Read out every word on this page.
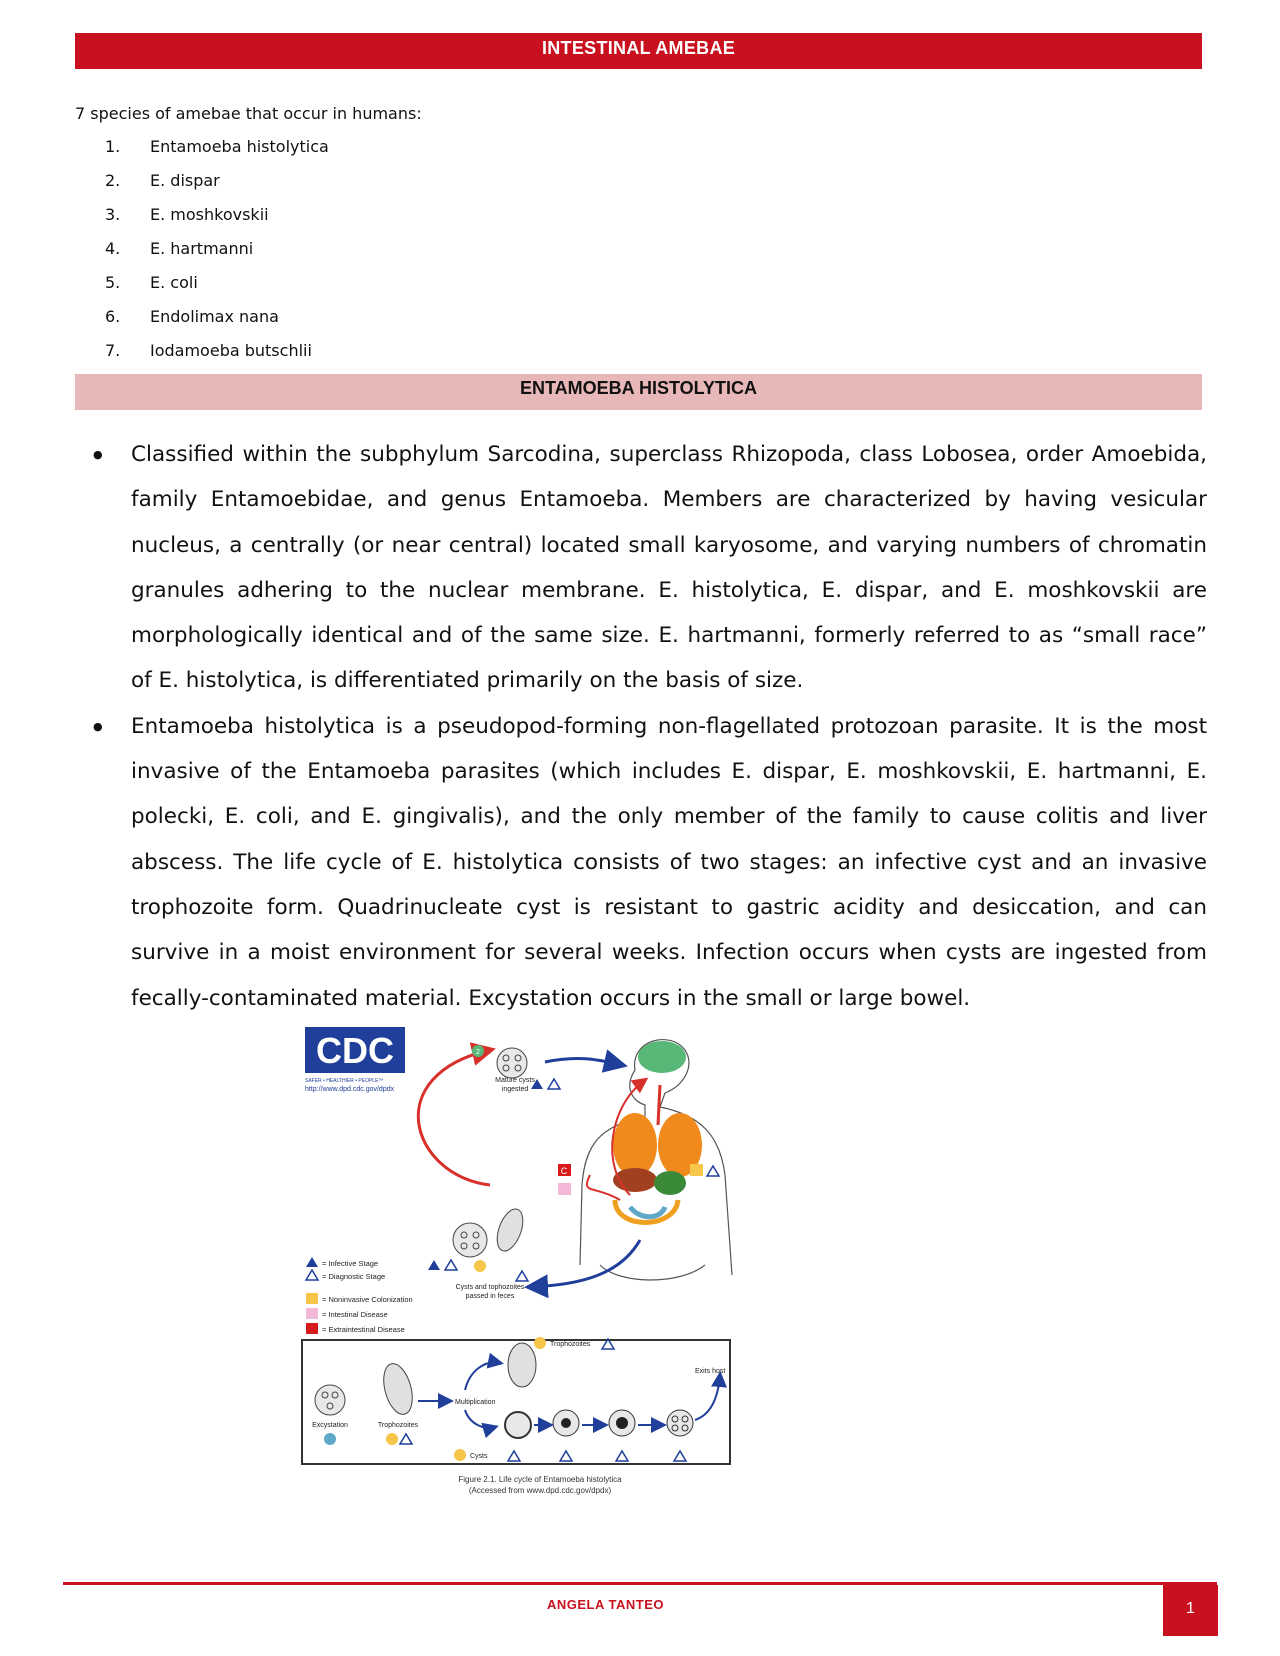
INTESTINAL AMEBAE
7 species of amebae that occur in humans:
1. Entamoeba histolytica
2. E. dispar
3. E. moshkovskii
4. E. hartmanni
5. E. coli
6. Endolimax nana
7. Iodamoeba butschlii
ENTAMOEBA HISTOLYTICA
● Classified within the subphylum Sarcodina, superclass Rhizopoda, class Lobosea, order Amoebida, family Entamoebidae, and genus Entamoeba. Members are characterized by having vesicular nucleus, a centrally (or near central) located small karyosome, and varying numbers of chromatin granules adhering to the nuclear membrane. E. histolytica, E. dispar, and E. moshkovskii are morphologically identical and of the same size. E. hartmanni, formerly referred to as “small race” of E. histolytica, is differentiated primarily on the basis of size.
● Entamoeba histolytica is a pseudopod-forming non-flagellated protozoan parasite. It is the most invasive of the Entamoeba parasites (which includes E. dispar, E. moshkovskii, E. hartmanni, E. polecki, E. coli, and E. gingivalis), and the only member of the family to cause colitis and liver abscess. The life cycle of E. histolytica consists of two stages: an infective cyst and an invasive trophozoite form. Quadrinucleate cyst is resistant to gastric acidity and desiccation, and can survive in a moist environment for several weeks. Infection occurs when cysts are ingested from fecally-contaminated material. Excystation occurs in the small or large bowel.
CDC
SAFER • HEALTHIER • PEOPLE™
http://www.dpd.cdc.gov/dpdx
2
Mature cysts
ingested
C
Cysts and tophozoites
passed in feces
= Infective Stage
= Diagnostic Stage
= Noninvasive Colonization
= Intestinal Disease
= Extraintestinal Disease
Excystation	Trophozoites
Multiplication
Trophozoites
Exits host
Cysts
Figure 2.1. Life cycle of Entamoeba histolytica
(Accessed from www.dpd.cdc.gov/dpdx)
ANGELA TANTEO	1
